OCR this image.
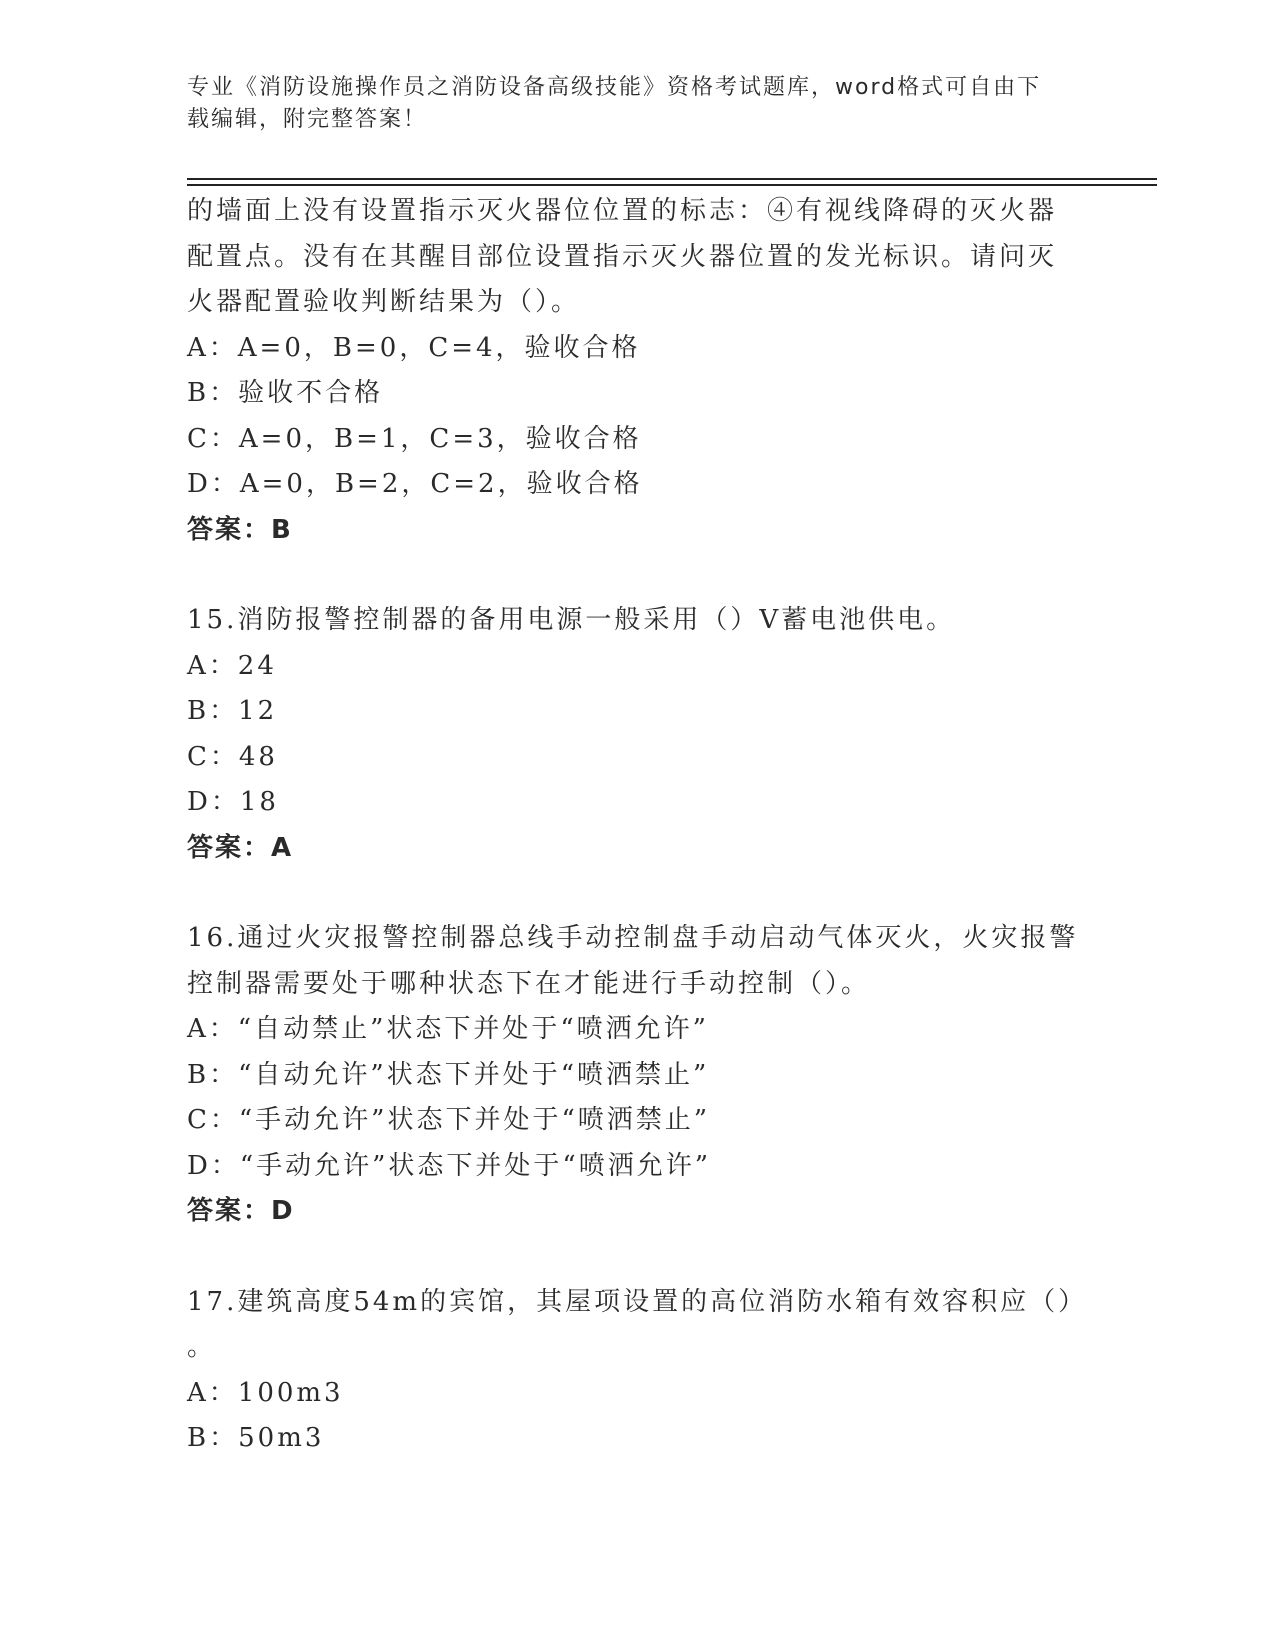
专业《消防设施操作员之消防设备高级技能》资格考试题库，word格式可自由下
载编辑，附完整答案！
的墙面上没有设置指示灭火器位位置的标志：④有视线降碍的灭火器
配置点。没有在其醒目部位设置指示灭火器位置的发光标识。请问灭
火器配置验收判断结果为（）。
A：A=0，B=0，C=4，验收合格
B：验收不合格
C：A=0，B=1，C=3，验收合格
D：A=0，B=2，C=2，验收合格
答案：B
15.消防报警控制器的备用电源一般采用（）V蓄电池供电。
A：24
B：12
C：48
D：18
答案：A
16.通过火灾报警控制器总线手动控制盘手动启动气体灭火，火灾报警
控制器需要处于哪种状态下在才能进行手动控制（）。
A：“自动禁止”状态下并处于“喷洒允许”
B：“自动允许”状态下并处于“喷洒禁止”
C：“手动允许”状态下并处于“喷洒禁止”
D：“手动允许”状态下并处于“喷洒允许”
答案：D
17.建筑高度54m的宾馆，其屋项设置的高位消防水箱有效容积应（）
。
A：100m3
B：50m3
